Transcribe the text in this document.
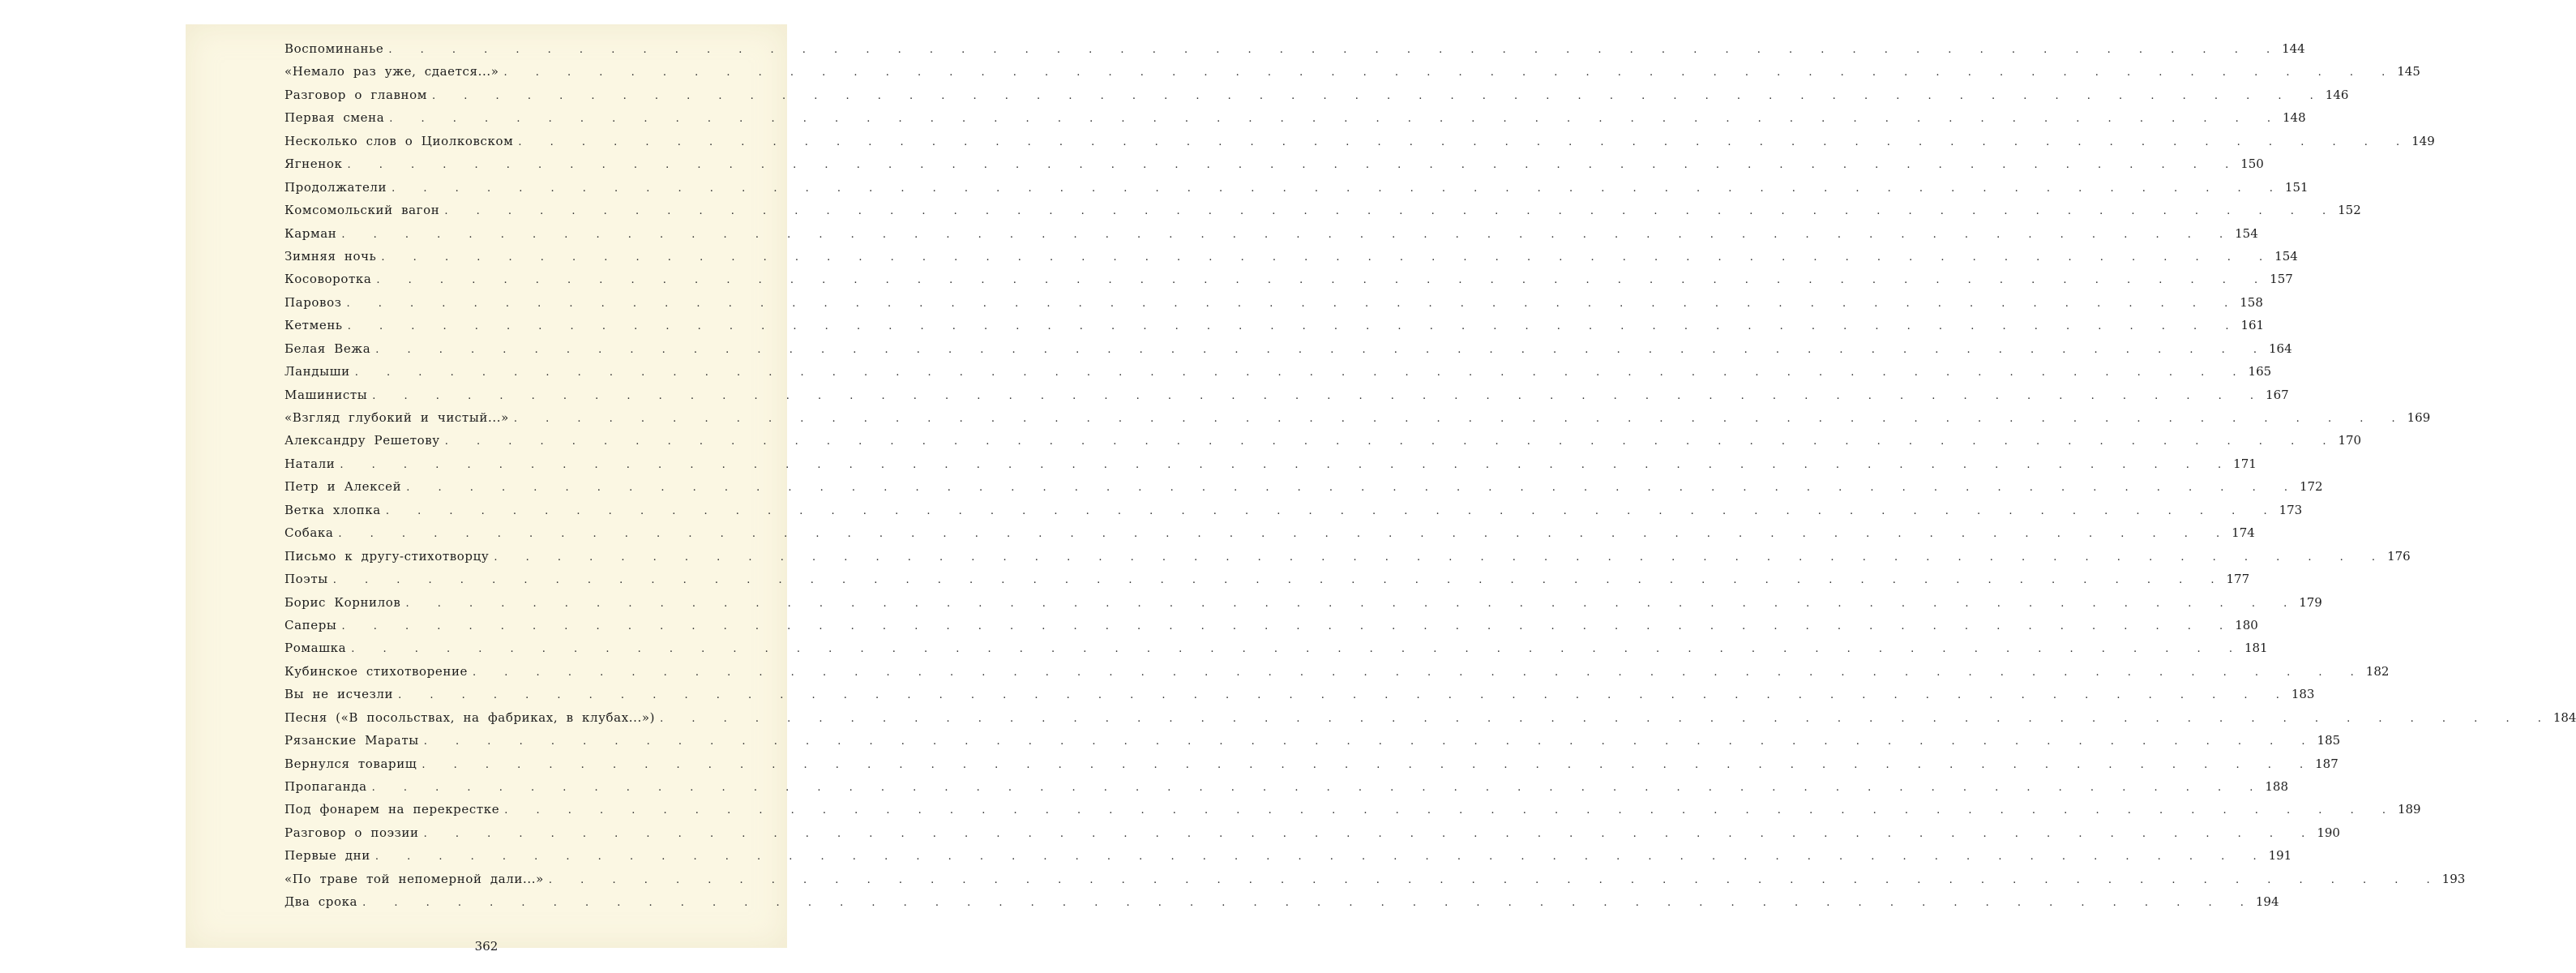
Воспоминанье . . . . . . . . . . . . . . . . . . . . . . . . . . . . . . . . . . . . . . . . . . . . . . . . . . . . . . . . . . . . 144
«Немало раз уже, сдается...» . . . . . . . . . . . . . . . . . . . . . . . . . . . . . . . . . . . . . . . . . . . . . . . . . . . . . . . . . . . . 145
Разговор о главном . . . . . . . . . . . . . . . . . . . . . . . . . . . . . . . . . . . . . . . . . . . . . . . . . . . . . . . . . . . . 146
Первая смена . . . . . . . . . . . . . . . . . . . . . . . . . . . . . . . . . . . . . . . . . . . . . . . . . . . . . . . . . . . . 148
Несколько слов о Циолковском . . . . . . . . . . . . . . . . . . . . . . . . . . . . . . . . . . . . . . . . . . . . . . . . . . . . . . . . . . . . 149
Ягненок . . . . . . . . . . . . . . . . . . . . . . . . . . . . . . . . . . . . . . . . . . . . . . . . . . . . . . . . . . . . 150
Продолжатели . . . . . . . . . . . . . . . . . . . . . . . . . . . . . . . . . . . . . . . . . . . . . . . . . . . . . . . . . . . . 151
Комсомольский вагон . . . . . . . . . . . . . . . . . . . . . . . . . . . . . . . . . . . . . . . . . . . . . . . . . . . . . . . . . . . . 152
Карман . . . . . . . . . . . . . . . . . . . . . . . . . . . . . . . . . . . . . . . . . . . . . . . . . . . . . . . . . . . . 154
Зимняя ночь . . . . . . . . . . . . . . . . . . . . . . . . . . . . . . . . . . . . . . . . . . . . . . . . . . . . . . . . . . . . 154
Косоворотка . . . . . . . . . . . . . . . . . . . . . . . . . . . . . . . . . . . . . . . . . . . . . . . . . . . . . . . . . . . . 157
Паровоз . . . . . . . . . . . . . . . . . . . . . . . . . . . . . . . . . . . . . . . . . . . . . . . . . . . . . . . . . . . . 158
Кетмень . . . . . . . . . . . . . . . . . . . . . . . . . . . . . . . . . . . . . . . . . . . . . . . . . . . . . . . . . . . . 161
Белая Вежа . . . . . . . . . . . . . . . . . . . . . . . . . . . . . . . . . . . . . . . . . . . . . . . . . . . . . . . . . . . . 164
Ландыши . . . . . . . . . . . . . . . . . . . . . . . . . . . . . . . . . . . . . . . . . . . . . . . . . . . . . . . . . . . . 165
Машинисты . . . . . . . . . . . . . . . . . . . . . . . . . . . . . . . . . . . . . . . . . . . . . . . . . . . . . . . . . . . . 167
«Взгляд глубокий и чистый...» . . . . . . . . . . . . . . . . . . . . . . . . . . . . . . . . . . . . . . . . . . . . . . . . . . . . . . . . . . . . 169
Александру Решетову . . . . . . . . . . . . . . . . . . . . . . . . . . . . . . . . . . . . . . . . . . . . . . . . . . . . . . . . . . . . 170
Натали . . . . . . . . . . . . . . . . . . . . . . . . . . . . . . . . . . . . . . . . . . . . . . . . . . . . . . . . . . . . 171
Петр и Алексей . . . . . . . . . . . . . . . . . . . . . . . . . . . . . . . . . . . . . . . . . . . . . . . . . . . . . . . . . . . . 172
Ветка хлопка . . . . . . . . . . . . . . . . . . . . . . . . . . . . . . . . . . . . . . . . . . . . . . . . . . . . . . . . . . . . 173
Собака . . . . . . . . . . . . . . . . . . . . . . . . . . . . . . . . . . . . . . . . . . . . . . . . . . . . . . . . . . . . 174
Письмо к другу-стихотворцу . . . . . . . . . . . . . . . . . . . . . . . . . . . . . . . . . . . . . . . . . . . . . . . . . . . . . . . . . . . . 176
Поэты . . . . . . . . . . . . . . . . . . . . . . . . . . . . . . . . . . . . . . . . . . . . . . . . . . . . . . . . . . . . 177
Борис Корнилов . . . . . . . . . . . . . . . . . . . . . . . . . . . . . . . . . . . . . . . . . . . . . . . . . . . . . . . . . . . . 179
Саперы . . . . . . . . . . . . . . . . . . . . . . . . . . . . . . . . . . . . . . . . . . . . . . . . . . . . . . . . . . . . 180
Ромашка . . . . . . . . . . . . . . . . . . . . . . . . . . . . . . . . . . . . . . . . . . . . . . . . . . . . . . . . . . . . 181
Кубинское стихотворение . . . . . . . . . . . . . . . . . . . . . . . . . . . . . . . . . . . . . . . . . . . . . . . . . . . . . . . . . . . . 182
Вы не исчезли . . . . . . . . . . . . . . . . . . . . . . . . . . . . . . . . . . . . . . . . . . . . . . . . . . . . . . . . . . . . 183
Песня («В посольствах, на фабриках, в клубах...») . . . . . . . . . . . . . . . . . . . . . . . . . . . . . . . . . . . . . . . . . . . . . . . . . . . . . . . . . . . . 184
Рязанские Мараты . . . . . . . . . . . . . . . . . . . . . . . . . . . . . . . . . . . . . . . . . . . . . . . . . . . . . . . . . . . . 185
Вернулся товарищ . . . . . . . . . . . . . . . . . . . . . . . . . . . . . . . . . . . . . . . . . . . . . . . . . . . . . . . . . . . . 187
Пропаганда . . . . . . . . . . . . . . . . . . . . . . . . . . . . . . . . . . . . . . . . . . . . . . . . . . . . . . . . . . . . 188
Под фонарем на перекрестке . . . . . . . . . . . . . . . . . . . . . . . . . . . . . . . . . . . . . . . . . . . . . . . . . . . . . . . . . . . . 189
Разговор о поэзии . . . . . . . . . . . . . . . . . . . . . . . . . . . . . . . . . . . . . . . . . . . . . . . . . . . . . . . . . . . . 190
Первые дни . . . . . . . . . . . . . . . . . . . . . . . . . . . . . . . . . . . . . . . . . . . . . . . . . . . . . . . . . . . . 191
«По траве той непомерной дали...» . . . . . . . . . . . . . . . . . . . . . . . . . . . . . . . . . . . . . . . . . . . . . . . . . . . . . . . . . . . . 193
Два срока . . . . . . . . . . . . . . . . . . . . . . . . . . . . . . . . . . . . . . . . . . . . . . . . . . . . . . . . . . . . 194
362
